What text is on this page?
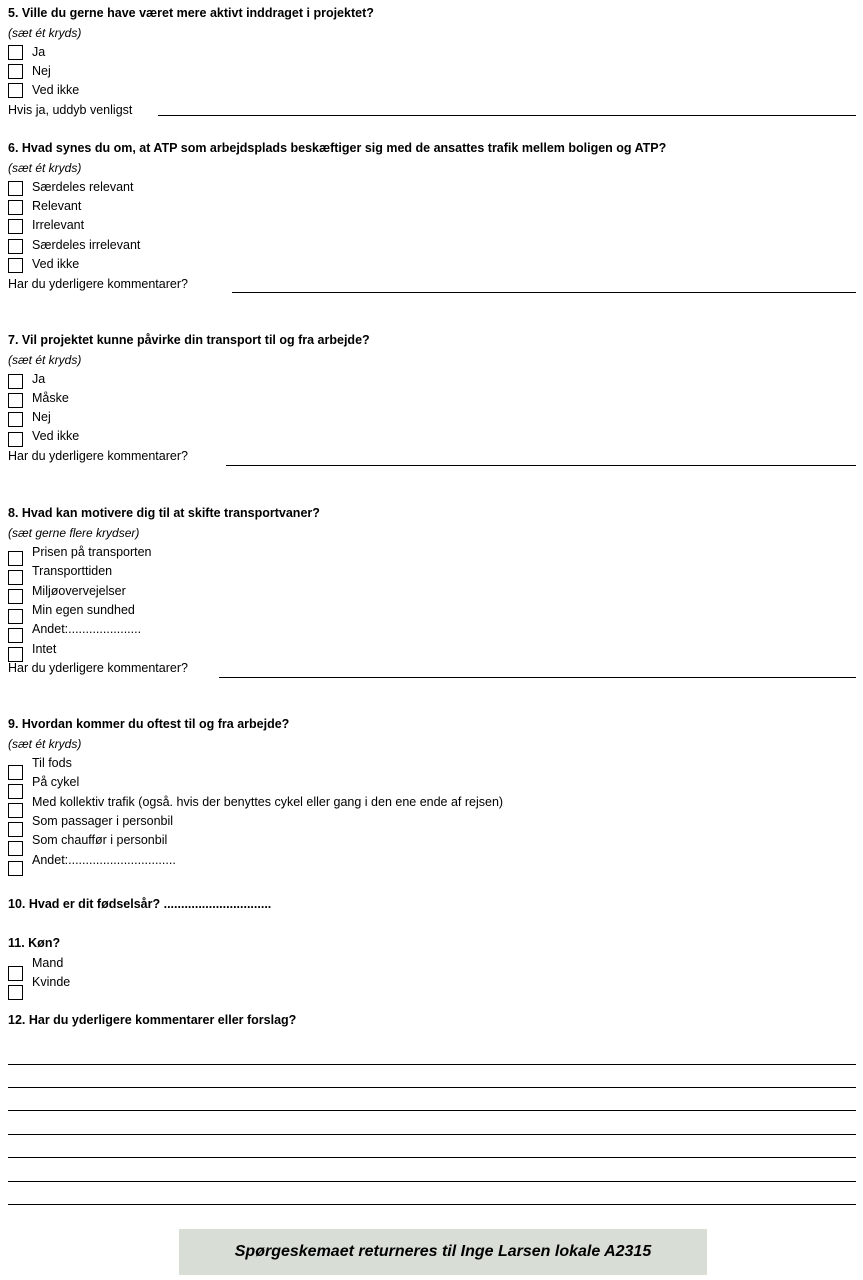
5. Ville du gerne have været mere aktivt inddraget i projektet?
(sæt ét kryds)
Ja
Nej
Ved ikke
Hvis ja, uddyb venligst
6. Hvad synes du om, at ATP som arbejdsplads beskæftiger sig med de ansattes trafik mellem boligen og ATP?
(sæt ét kryds)
Særdeles relevant
Relevant
Irrelevant
Særdeles irrelevant
Ved ikke
Har du yderligere kommentarer?
7. Vil projektet kunne påvirke din transport til og fra arbejde?
(sæt ét kryds)
Ja
Måske
Nej
Ved ikke
Har du yderligere kommentarer?
8. Hvad kan motivere dig til at skifte transportvaner?
(sæt gerne flere krydser)
Prisen på transporten
Transporttiden
Miljøovervejelser
Min egen sundhed
Andet:.....................
Intet
Har du yderligere kommentarer?
9. Hvordan kommer du oftest til og fra arbejde?
(sæt ét kryds)
Til fods
På cykel
Med kollektiv trafik (også. hvis der benyttes cykel eller gang i den ene ende af rejsen)
Som passager i personbil
Som chauffør i personbil
Andet:...............................
10. Hvad er dit fødselsår? ...............................
11. Køn?
Mand
Kvinde
12. Har du yderligere kommentarer eller forslag?
Spørgeskemaet returneres til Inge Larsen lokale A2315
